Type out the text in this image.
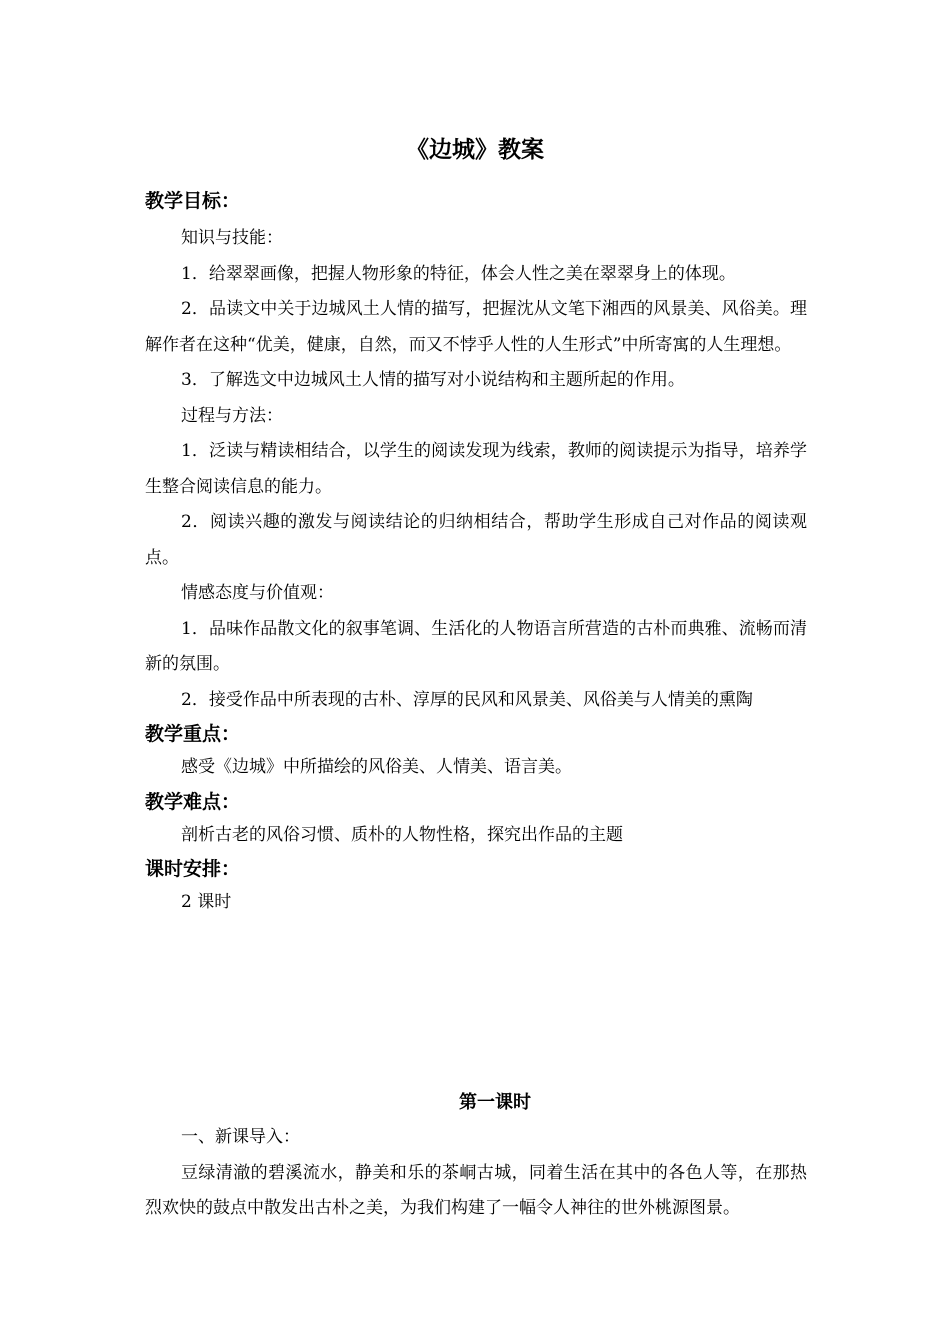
《边城》教案

教学目标：

知识与技能：

1．给翠翠画像，把握人物形象的特征，体会人性之美在翠翠身上的体现。

2．品读文中关于边城风土人情的描写，把握沈从文笔下湘西的风景美、风俗美。理解作者在这种“优美，健康，自然，而又不悖乎人性的人生形式”中所寄寓的人生理想。

3．了解选文中边城风土人情的描写对小说结构和主题所起的作用。

过程与方法：

1．泛读与精读相结合，以学生的阅读发现为线索，教师的阅读提示为指导，培养学生整合阅读信息的能力。

2．阅读兴趣的激发与阅读结论的归纳相结合，帮助学生形成自己对作品的阅读观点。

情感态度与价值观：

1．品味作品散文化的叙事笔调、生活化的人物语言所营造的古朴而典雅、流畅而清新的氛围。

2．接受作品中所表现的古朴、淳厚的民风和风景美、风俗美与人情美的熏陶

教学重点：

感受《边城》中所描绘的风俗美、人情美、语言美。

教学难点：

剖析古老的风俗习惯、质朴的人物性格，探究出作品的主题

课时安排：

2 课时

第一课时

一、新课导入：

豆绿清澈的碧溪流水，静美和乐的茶峒古城，同着生活在其中的各色人等，在那热烈欢快的鼓点中散发出古朴之美，为我们构建了一幅令人神往的世外桃源图景。
